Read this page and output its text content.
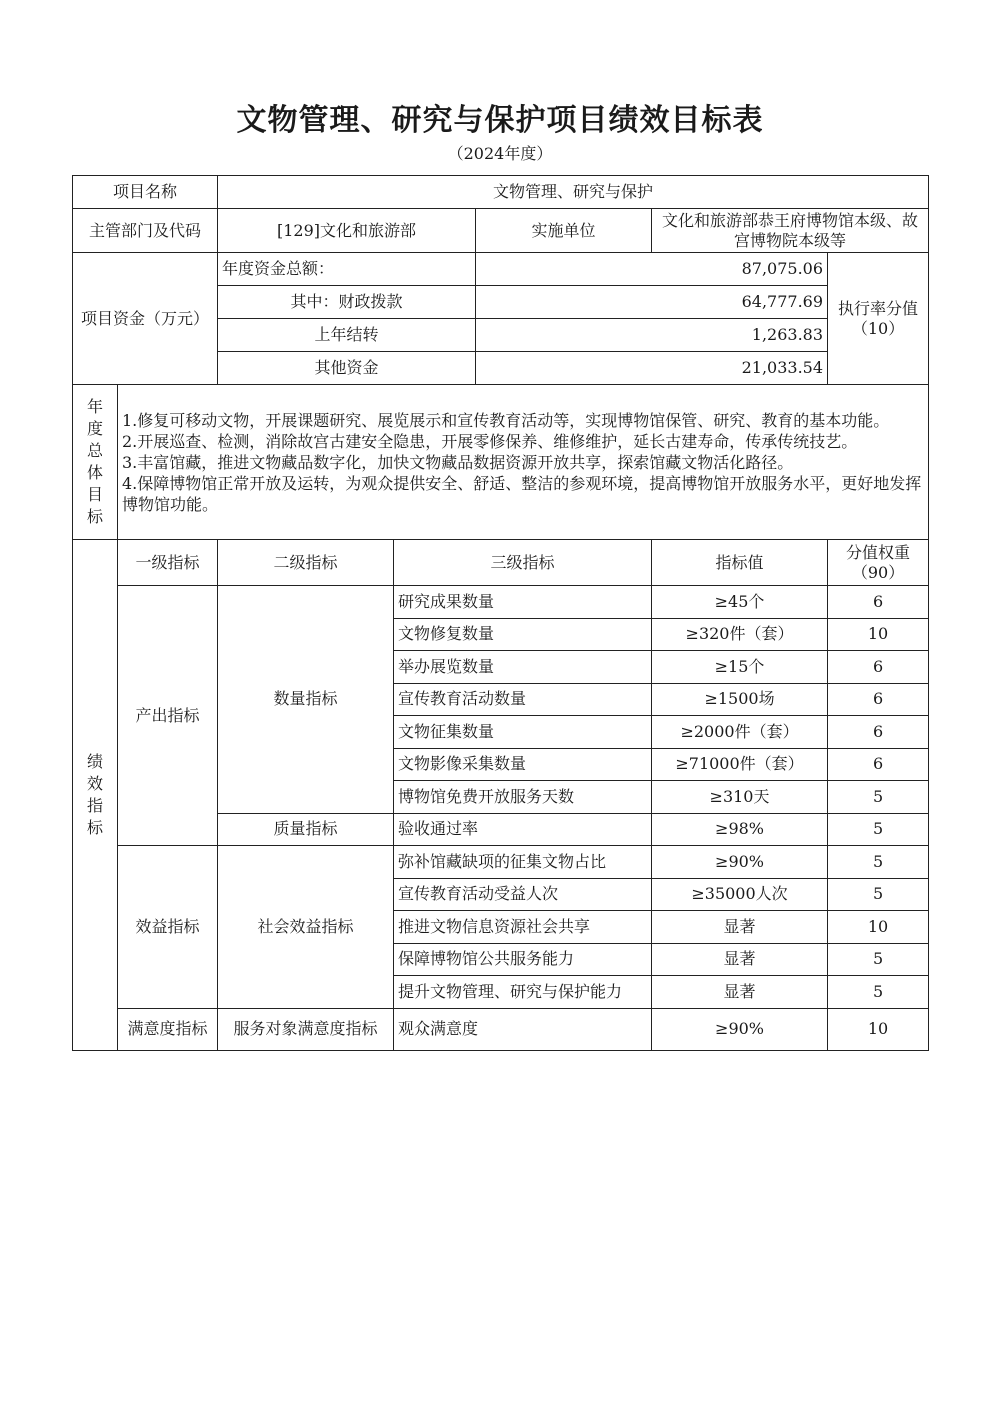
文物管理、研究与保护项目绩效目标表
（2024年度）
项目名称		文物管理、研究与保护				
主管部门及代码		[129]文化和旅游部		实施单位	文化和旅游部恭王府博物馆本级、故宫博物院本级等	
项目资金（万元）		年度资金总额：		87,075.06		执行率分值（10）
		其中：财政拨款		64,777.69		
		上年结转		1,263.83		
		其他资金		21,033.54		
年度总体目标	1.修复可移动文物，开展课题研究、展览展示和宣传教育活动等，实现博物馆保管、研究、教育的基本功能。

2.开展巡查、检测，消除故宫古建安全隐患，开展零修保养、维修维护，延长古建寿命，传承传统技艺。

3.丰富馆藏，推进文物藏品数字化，加快文物藏品数据资源开放共享，探索馆藏文物活化路径。

4.保障博物馆正常开放及运转，为观众提供安全、舒适、整洁的参观环境，提高博物馆开放服务水平，更好地发挥博物馆功能。					

绩效指标	一级指标	二级指标	三级指标		指标值	分值权重（90）
	产出指标	数量指标	研究成果数量		≥45个	6
			文物修复数量		≥320件（套）	10
			举办展览数量		≥15个	6
			宣传教育活动数量		≥1500场	6
			文物征集数量		≥2000件（套）	6
			文物影像采集数量		≥71000件（套）	6
			博物馆免费开放服务天数		≥310天	5
		质量指标	验收通过率		≥98%	5
	效益指标	社会效益指标	弥补馆藏缺项的征集文物占比		≥90%	5
			宣传教育活动受益人次		≥35000人次	5
			推进文物信息资源社会共享		显著	10
			保障博物馆公共服务能力		显著	5
			提升文物管理、研究与保护能力		显著	5
	满意度指标	服务对象满意度指标	观众满意度		≥90%	10
